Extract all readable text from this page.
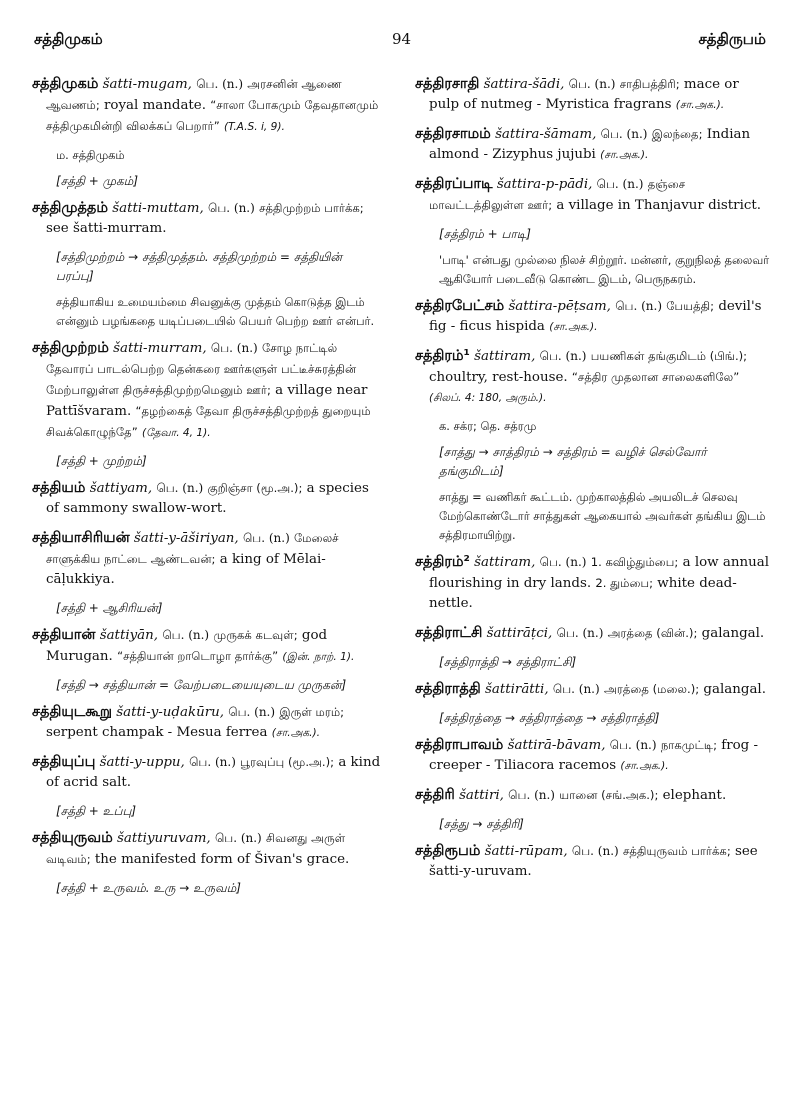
சத்திமுகம்	94	சத்திருபம்
சத்திமுகம் šatti-mugam, பெ. (n.) அரசனின் ஆணை ஆவணம்; royal mandate. “சாலா போகமும் தேவதானமும் சத்திமுகமின்றி விலக்கப் பெறார்” (T.A.S. i, 9).
ம. சத்திமுகம்
[சத்தி + முகம்]
சத்திமுத்தம் šatti-muttam, பெ. (n.) சத்திமுற்றம் பார்க்க; see šatti-murram.
[சத்திமுற்றம் → சத்திமுத்தம். சத்திமுற்றம் = சத்தியின் பரப்பு]
சத்தியாகிய உமையம்மை சிவனுக்கு முத்தம் கொடுத்த இடம் என்னும் பழங்கதை யடிப்படையில் பெயர் பெற்ற ஊர் என்பர்.
சத்திமுற்றம் šatti-murram, பெ. (n.) சோழ நாட்டில் தேவாரப் பாடல்பெற்ற தென்கரை ஊர்களுள் பட்டீச்சுரத்தின் மேற்பாலுள்ள திருச்சத்திமுற்றமெனும் ஊர்; a village near Pattīšvaram. “தழற்கைத் தேவா திருச்சத்திமுற்றத் துறையும் சிவக்கொழுந்தே” (தேவா. 4, 1).
[சத்தி + முற்றம்]
சத்தியம் šattiyam, பெ. (n.) குறிஞ்சா (மூ.அ.); a species of sammony swallow-wort.
சத்தியாசிரியன் šatti-y-āširiyan, பெ. (n.) மேலைச் சாளுக்கிய நாட்டை ஆண்டவன்; a king of Mēlai-cāḷukkiya.
[சத்தி + ஆசிரியன்]
சத்தியான் šattiyān, பெ. (n.) முருகக் கடவுள்; god Murugan. “சத்தியான் றாடொழா தார்க்கு” (இன். நாற். 1).
[சத்தி → சத்தியான் = வேற்படையையுடைய முருகன்]
சத்தியுடகூறு šatti-y-uḍakūru, பெ. (n.) இருள் மரம்; serpent champak - Mesua ferrea (சா.அக.).
சத்தியுப்பு šatti-y-uppu, பெ. (n.) பூரவுப்பு (மூ.அ.); a kind of acrid salt.
[சத்தி + உப்பு]
சத்தியுருவம் šattiyuruvam, பெ. (n.) சிவனது அருள் வடிவம்; the manifested form of Šivan's grace.
[சத்தி + உருவம். உரு → உருவம்]
சத்திரசாதி šattira-šādi, பெ. (n.) சாதிபத்திரி; mace or pulp of nutmeg - Myristica fragrans (சா.அக.).
சத்திரசாமம் šattira-šāmam, பெ. (n.) இலந்தை; Indian almond - Zizyphus jujubi (சா.அக.).
சத்திரப்பாடி šattira-p-pādi, பெ. (n.) தஞ்சை மாவட்டத்திலுள்ள ஊர்; a village in Thanjavur district.
[சத்திரம் + பாடி]
'பாடி' என்பது முல்லை நிலச் சிற்றூர். மன்னர், குறுநிலத் தலைவர் ஆகியோர் படைவீடு கொண்ட இடம், பெருநகரம்.
சத்திரபேட்சம் šattira-pēṭsam, பெ. (n.) பேயத்தி; devil's fig - ficus hispida (சா.அக.).
சத்திரம்¹ šattiram, பெ. (n.) பயணிகள் தங்குமிடம் (பிங்.); choultry, rest-house. “சத்திர முதலான சாலைகளிலே” (சிலப். 4: 180, அரும்.).
க. சக்ர; தெ. சத்ரமு
[சாத்து → சாத்திரம் → சத்திரம் = வழிச் செல்வோர் தங்குமிடம்]
சாத்து = வணிகர் கூட்டம். முற்காலத்தில் அயலிடச் செலவு மேற்கொண்டோர் சாத்துகள் ஆகையால் அவர்கள் தங்கிய இடம் சத்திரமாயிற்று.
சத்திரம்² šattiram, பெ. (n.) 1. கவிழ்தும்பை; a low annual flourishing in dry lands. 2. தும்பை; white dead-nettle.
சத்திராட்சி šattirāṭci, பெ. (n.) அரத்தை (வின்.); galangal.
[சத்திராத்தி → சத்திராட்சி]
சத்திராத்தி šattirātti, பெ. (n.) அரத்தை (மலை.); galangal.
[சத்திரத்தை → சத்திராத்தை → சத்திராத்தி]
சத்திராபாவம் šattirā-bāvam, பெ. (n.) நாகமுட்டி; frog - creeper - Tiliacora racemos (சா.அக.).
சத்திரி šattiri, பெ. (n.) யானை (சங்.அக.); elephant.
[சத்து → சத்திரி]
சத்திரூபம் šatti-rūpam, பெ. (n.) சத்தியுருவம் பார்க்க; see šatti-y-uruvam.
